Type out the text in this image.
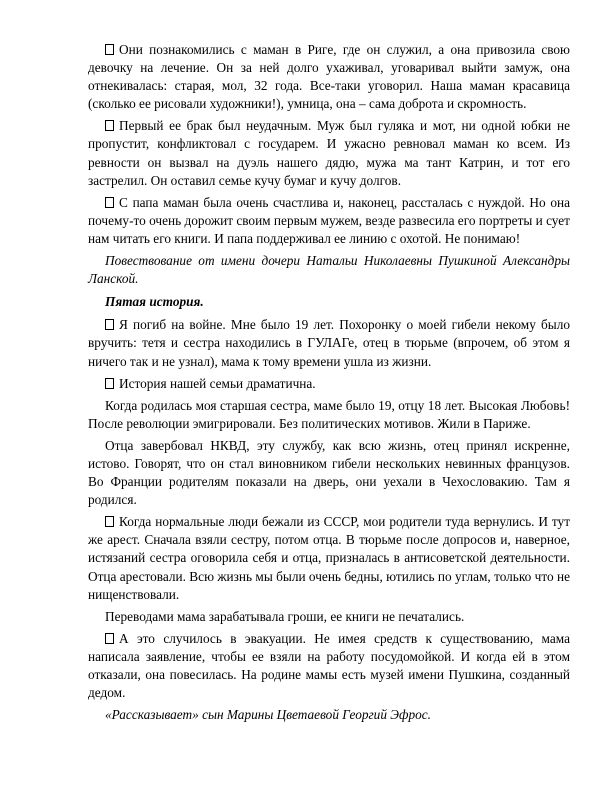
Они познакомились с маман в Риге, где он служил, а она привозила свою девочку на лечение. Он за ней долго ухаживал, уговаривал выйти замуж, она отнекивалась: старая, мол, 32 года. Все-таки уговорил. Наша маман красавица (сколько ее рисовали художники!), умница, она – сама доброта и скромность.

Первый ее брак был неудачным. Муж был гуляка и мот, ни одной юбки не пропустит, конфликтовал с государем. И ужасно ревновал маман ко всем. Из ревности он вызвал на дуэль нашего дядю, мужа ма тант Катрин, и тот его застрелил. Он оставил семье кучу бумаг и кучу долгов.

С папа маман была очень счастлива и, наконец, рассталась с нуждой. Но она почему-то очень дорожит своим первым мужем, везде развесила его портреты и сует нам читать его книги. И папа поддерживал ее линию с охотой. Не понимаю!

Повествование от имени дочери Натальи Николаевны Пушкиной Александры Ланской.

Пятая история.

Я погиб на войне. Мне было 19 лет. Похоронку о моей гибели некому было вручить: тетя и сестра находились в ГУЛАГе, отец в тюрьме (впрочем, об этом я ничего так и не узнал), мама к тому времени ушла из жизни.

История нашей семьи драматична.

Когда родилась моя старшая сестра, маме было 19, отцу 18 лет. Высокая Любовь! После революции эмигрировали. Без политических мотивов. Жили в Париже.

Отца завербовал НКВД, эту службу, как всю жизнь, отец принял искренне, истово. Говорят, что он стал виновником гибели нескольких невинных французов. Во Франции родителям показали на дверь, они уехали в Чехословакию. Там я родился.

Когда нормальные люди бежали из СССР, мои родители туда вернулись. И тут же арест. Сначала взяли сестру, потом отца. В тюрьме после допросов и, наверное, истязаний сестра оговорила себя и отца, призналась в антисоветской деятельности. Отца арестовали. Всю жизнь мы были очень бедны, ютились по углам, только что не нищенствовали.

Переводами мама зарабатывала гроши, ее книги не печатались.

А это случилось в эвакуации. Не имея средств к существованию, мама написала заявление, чтобы ее взяли на работу посудомойкой. И когда ей в этом отказали, она повесилась. На родине мамы есть музей имени Пушкина, созданный дедом.

«Рассказывает» сын Марины Цветаевой Георгий Эфрос.
